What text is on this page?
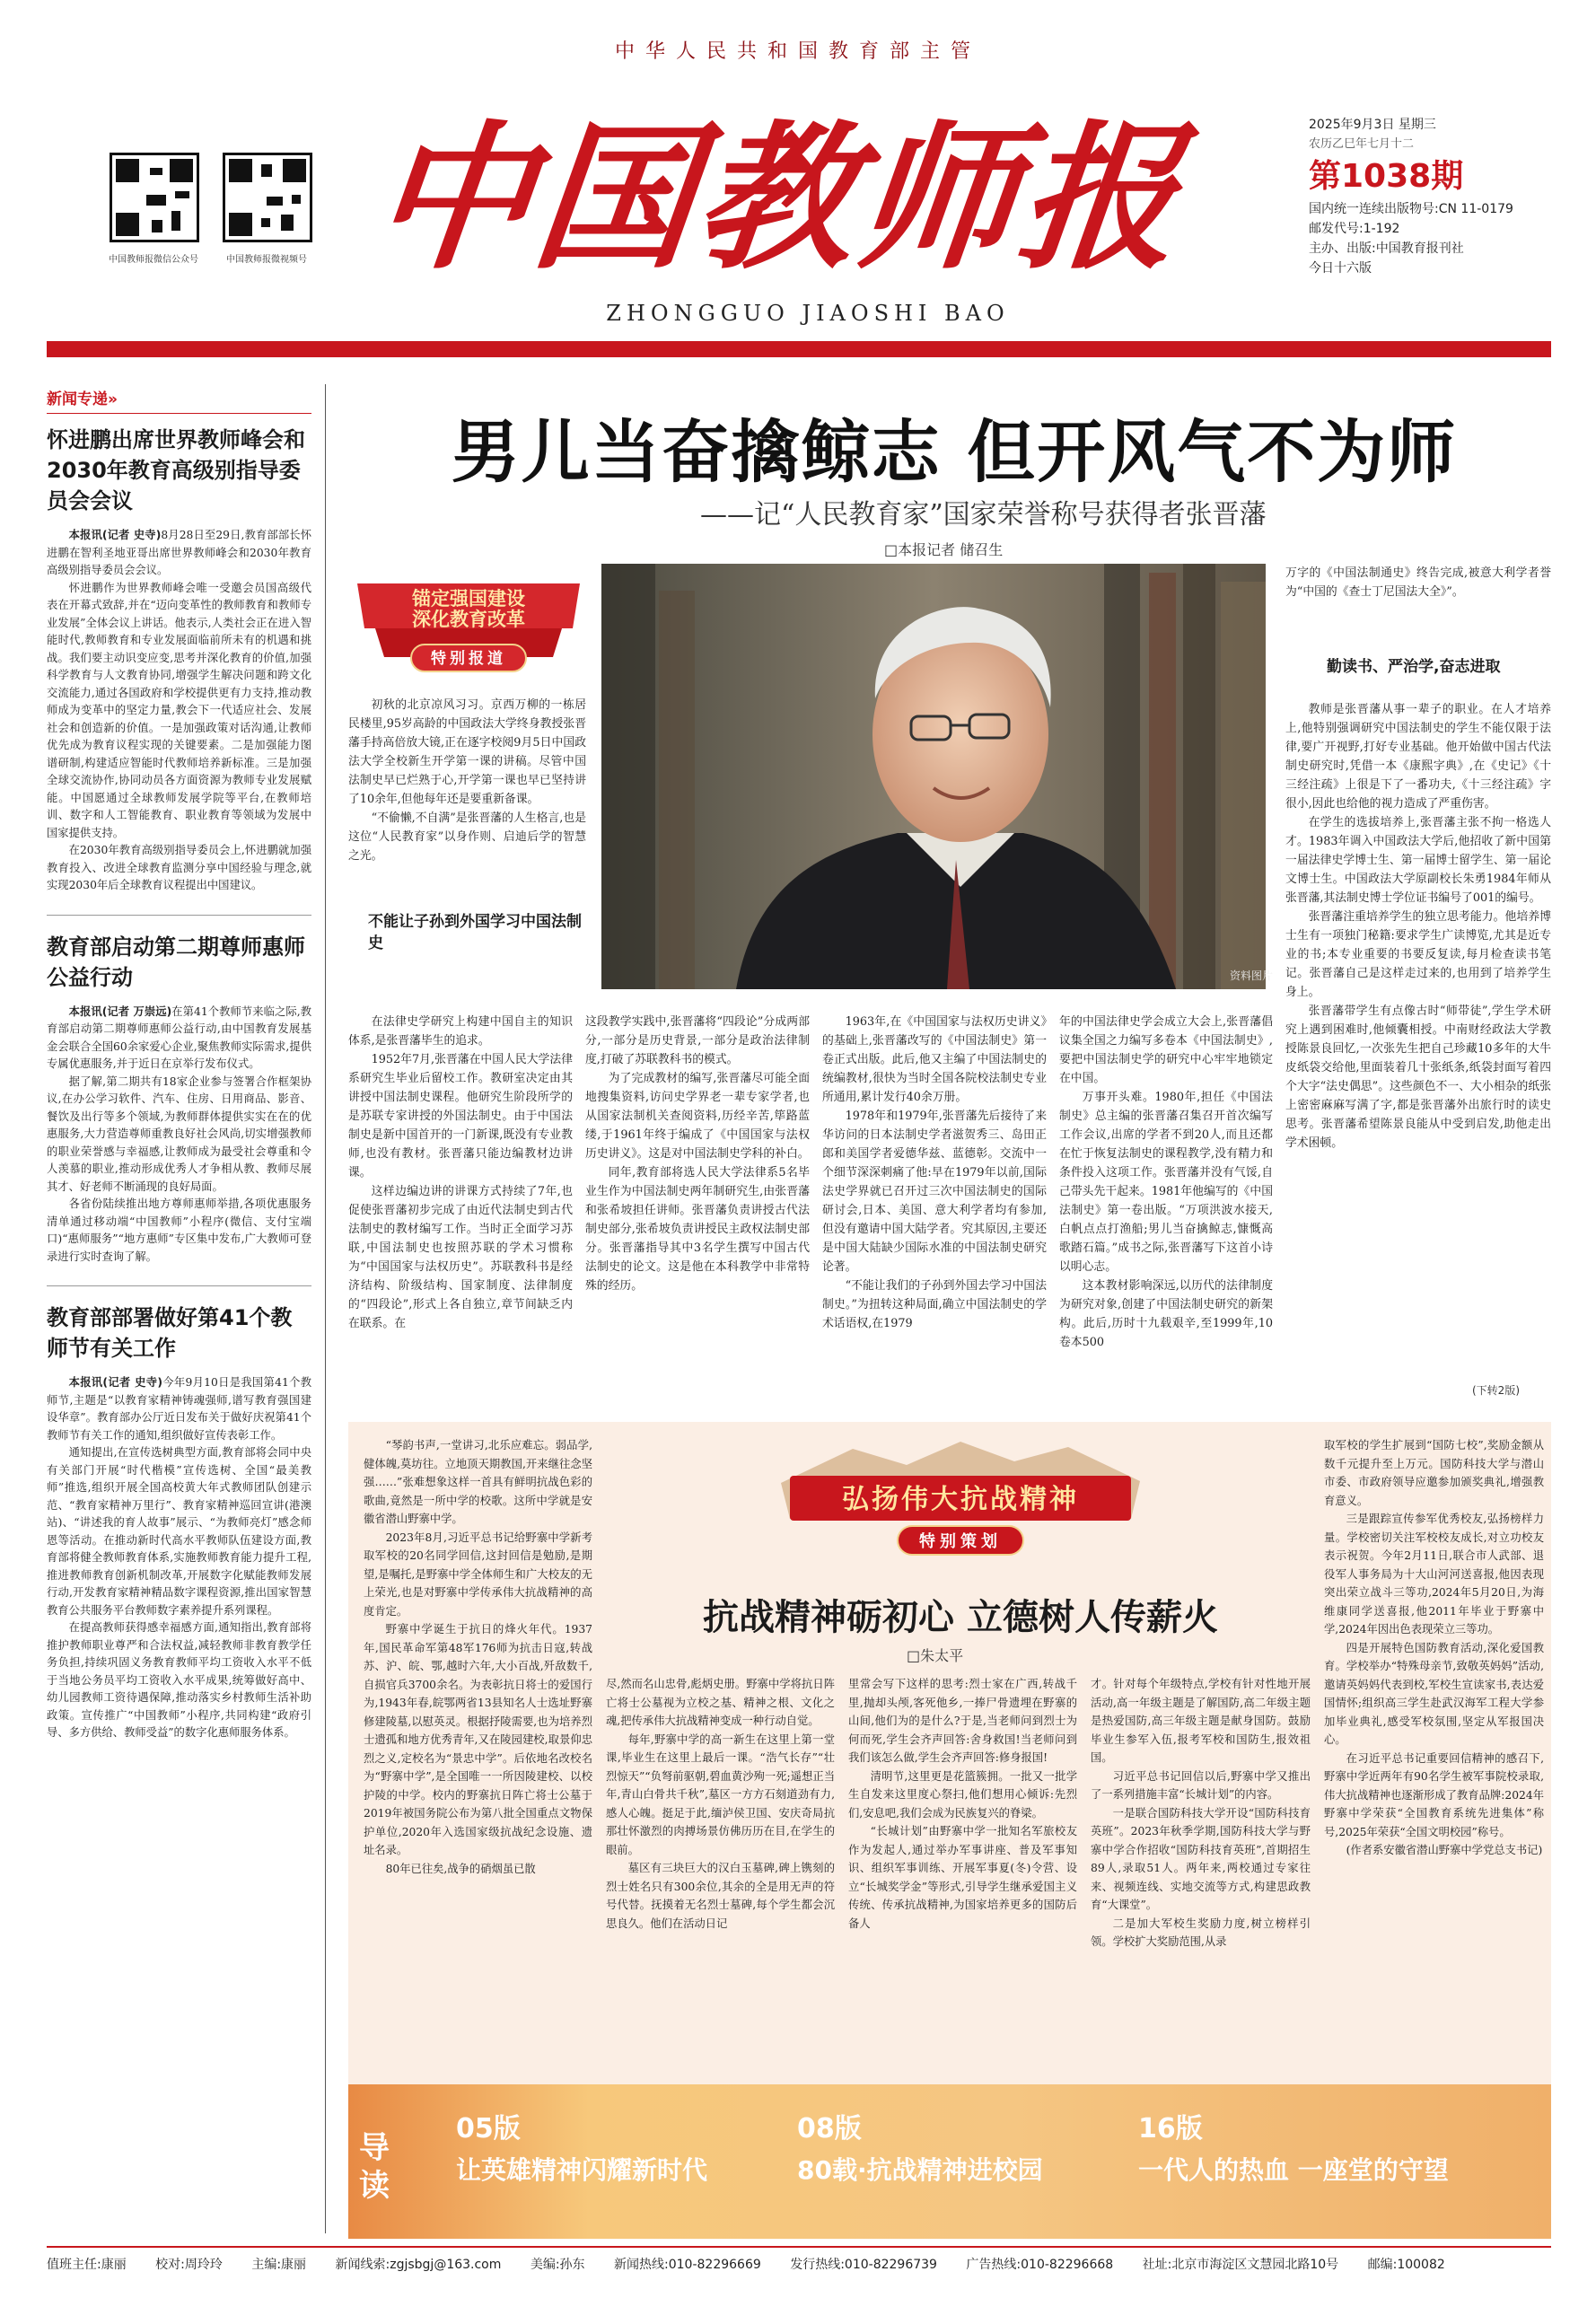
中华人民共和国教育部主管
中国教师报微信公众号	中国教师报微视频号 中国教师报
ZHONGGUO JIAOSHI BAO
2025年9月3日 星期三
农历乙巳年七月十二
第1038期
国内统一连续出版物号:CN 11-0179
邮发代号:1-192
主办、出版:中国教育报刊社
今日十六版
新闻专递»
怀进鹏出席世界教师峰会和2030年教育高级别指导委员会会议

本报讯(记者 史寺)8月28日至29日,教育部部长怀进鹏在智利圣地亚哥出席世界教师峰会和2030年教育高级别指导委员会会议。

怀进鹏作为世界教师峰会唯一受邀会员国高级代表在开幕式致辞,并在“迈向变革性的教师教育和教师专业发展”全体会议上讲话。他表示,人类社会正在进入智能时代,教师教育和专业发展面临前所未有的机遇和挑战。我们要主动识变应变,思考并深化教育的价值,加强科学教育与人文教育协同,增强学生解决问题和跨文化交流能力,通过各国政府和学校提供更有力支持,推动教师成为变革中的坚定力量,教会下一代适应社会、发展社会和创造新的价值。一是加强政策对话沟通,让教师优先成为教育议程实现的关键要素。二是加强能力图谱研制,构建适应智能时代教师培养新标准。三是加强全球交流协作,协同动员各方面资源为教师专业发展赋能。中国愿通过全球教师发展学院等平台,在教师培训、数字和人工智能教育、职业教育等领域为发展中国家提供支持。

在2030年教育高级别指导委员会上,怀进鹏就加强教育投入、改进全球教育监测分享中国经验与理念,就实现2030年后全球教育议程提出中国建议。

教育部启动第二期尊师惠师公益行动

本报讯(记者 万崇远)在第41个教师节来临之际,教育部启动第二期尊师惠师公益行动,由中国教育发展基金会联合全国60余家爱心企业,聚焦教师实际需求,提供专属优惠服务,并于近日在京举行发布仪式。

据了解,第二期共有18家企业参与签署合作框架协议,在办公学习软件、汽车、住房、日用商品、影音、餐饮及出行等多个领域,为教师群体提供实实在在的优惠服务,大力营造尊师重教良好社会风尚,切实增强教师的职业荣誉感与幸福感,让教师成为最受社会尊重和令人羡慕的职业,推动形成优秀人才争相从教、教师尽展其才、好老师不断涌现的良好局面。

各省份陆续推出地方尊师惠师举措,各项优惠服务清单通过移动端“中国教师”小程序(微信、支付宝端口)“惠师服务”“地方惠师”专区集中发布,广大教师可登录进行实时查询了解。

教育部部署做好第41个教师节有关工作

本报讯(记者 史寺)今年9月10日是我国第41个教师节,主题是“以教育家精神铸魂强师,谱写教育强国建设华章”。教育部办公厅近日发布关于做好庆祝第41个教师节有关工作的通知,组织做好宣传表彰工作。

通知提出,在宣传选树典型方面,教育部将会同中央有关部门开展“时代楷模”宣传选树、全国“最美教师”推选,组织开展全国高校黄大年式教师团队创建示范、“教育家精神万里行”、教育家精神巡回宣讲(港澳站)、“讲述我的育人故事”展示、“为教师亮灯”感念师恩等活动。在推动新时代高水平教师队伍建设方面,教育部将健全教师教育体系,实施教师教育能力提升工程,推进教师教育创新机制改革,开展数字化赋能教师发展行动,开发教育家精神精品数字课程资源,推出国家智慧教育公共服务平台教师数字素养提升系列课程。

在提高教师获得感幸福感方面,通知指出,教育部将推护教师职业尊严和合法权益,减轻教师非教育教学任务负担,持续巩固义务教育教师平均工资收入水平不低于当地公务员平均工资收入水平成果,统筹做好高中、幼儿园教师工资待遇保障,推动落实乡村教师生活补助政策。宣传推广“中国教师”小程序,共同构建“政府引导、多方供给、教师受益”的数字化惠师服务体系。

男儿当奋擒鲸志 但开风气不为师
——记“人民教育家”国家荣誉称号获得者张晋藩
□本报记者 储召生
锚定强国建设
深化教育改革
特别报道
资料图片

初秋的北京凉风习习。京西万柳的一栋居民楼里,95岁高龄的中国政法大学终身教授张晋藩手持高倍放大镜,正在逐字校阅9月5日中国政法大学全校新生开学第一课的讲稿。尽管中国法制史早已烂熟于心,开学第一课也早已坚持讲了10余年,但他每年还是要重新备课。

“不偷懒,不自满”是张晋藩的人生格言,也是这位“人民教育家”以身作则、启迪后学的智慧之光。

不能让子孙到外国学习中国法制史

万字的《中国法制通史》终告完成,被意大利学者誉为“中国的《查士丁尼国法大全》”。

勤读书、严治学,奋志进取

教师是张晋藩从事一辈子的职业。在人才培养上,他特别强调研究中国法制史的学生不能仅限于法律,要广开视野,打好专业基础。他开始做中国古代法制史研究时,凭借一本《康熙字典》,在《史记》《十三经注疏》上很是下了一番功夫,《十三经注疏》字很小,因此也给他的视力造成了严重伤害。

在学生的选拔培养上,张晋藩主张不拘一格选人才。1983年调入中国政法大学后,他招收了新中国第一届法律史学博士生、第一届博士留学生、第一届论文博士生。中国政法大学原副校长朱勇1984年师从张晋藩,其法制史博士学位证书编号了001的编号。

张晋藩注重培养学生的独立思考能力。他培养博士生有一项独门秘籍:要求学生广读博览,尤其是近专业的书;本专业重要的书要反复读,每月检查读书笔记。张晋藩自己是这样走过来的,也用到了培养学生身上。

张晋藩带学生有点像古时“师带徒”,学生学术研究上遇到困难时,他倾囊相授。中南财经政法大学教授陈景良回忆,一次张先生把自己珍藏10多年的大牛皮纸袋交给他,里面装着几十张纸条,纸袋封面写着四个大字“法史偶思”。这些颜色不一、大小相杂的纸张上密密麻麻写满了字,都是张晋藩外出旅行时的读史思考。张晋藩希望陈景良能从中受到启发,助他走出学术困顿。

(下转2版)

在法律史学研究上构建中国自主的知识体系,是张晋藩毕生的追求。

1952年7月,张晋藩在中国人民大学法律系研究生毕业后留校工作。教研室决定由其讲授中国法制史课程。他研究生阶段所学的是苏联专家讲授的外国法制史。由于中国法制史是新中国首开的一门新课,既没有专业教师,也没有教材。张晋藩只能边编教材边讲课。

这样边编边讲的讲课方式持续了7年,也促使张晋藩初步完成了由近代法制史到古代法制史的教材编写工作。当时正全面学习苏联,中国法制史也按照苏联的学术习惯称为“中国国家与法权历史”。苏联教科书是经济结构、阶级结构、国家制度、法律制度的“四段论”,形式上各自独立,章节间缺乏内在联系。在

这段教学实践中,张晋藩将“四段论”分成两部分,一部分是历史背景,一部分是政治法律制度,打破了苏联教科书的模式。

为了完成教材的编写,张晋藩尽可能全面地搜集资料,访问史学界老一辈专家学者,也从国家法制机关查阅资料,历经辛苦,筚路蓝缕,于1961年终于编成了《中国国家与法权历史讲义》。这是对中国法制史学科的补白。

同年,教育部将选人民大学法律系5名毕业生作为中国法制史两年制研究生,由张晋藩和张希坡担任讲师。张晋藩负责讲授古代法制史部分,张希坡负责讲授民主政权法制史部分。张晋藩指导其中3名学生撰写中国古代法制史的论文。这是他在本科教学中非常特殊的经历。

1963年,在《中国国家与法权历史讲义》的基础上,张晋藩改写的《中国法制史》第一卷正式出版。此后,他又主编了中国法制史的统编教材,很快为当时全国各院校法制史专业所通用,累计发行40余万册。

1978年和1979年,张晋藩先后接待了来华访问的日本法制史学者滋贺秀三、岛田正郎和美国学者爱德华兹、蓝德彰。交流中一个细节深深刺痛了他:早在1979年以前,国际法史学界就已召开过三次中国法制史的国际研讨会,日本、美国、意大利学者均有参加,但没有邀请中国大陆学者。究其原因,主要还是中国大陆缺少国际水准的中国法制史研究论著。

“不能让我们的子孙到外国去学习中国法制史。”为扭转这种局面,确立中国法制史的学术话语权,在1979

年的中国法律史学会成立大会上,张晋藩倡议集全国之力编写多卷本《中国法制史》,要把中国法制史学的研究中心牢牢地锁定在中国。

万事开头难。1980年,担任《中国法制史》总主编的张晋藩召集召开首次编写工作会议,出席的学者不到20人,而且还都在忙于恢复法制史的课程教学,没有精力和条件投入这项工作。张晋藩并没有气馁,自己带头先干起来。1981年他编写的《中国法制史》第一卷出版。“万项洪波水接天,白帆点点打渔船;男儿当奋擒鲸志,慷慨高歌踏石篇。”成书之际,张晋藩写下这首小诗以明心志。

这本教材影响深远,以历代的法律制度为研究对象,创建了中国法制史研究的新架构。此后,历时十九载艰辛,至1999年,10卷本500

弘扬伟大抗战精神
特别策划
抗战精神砺初心 立德树人传薪火
□朱太平

“琴韵书声,一堂讲习,北乐应难忘。弱品学,健体魄,莫坊往。立地顶天期教国,开来继往念坚强……”张难想象这样一首具有鲜明抗战色彩的歌曲,竟然是一所中学的校歌。这所中学就是安徽省潜山野寨中学。

2023年8月,习近平总书记给野寨中学新考取军校的20名同学回信,这封回信是勉励,是期望,是嘱托,是野寨中学全体师生和广大校友的无上荣光,也是对野寨中学传承伟大抗战精神的高度肯定。

野寨中学诞生于抗日的烽火年代。1937年,国民革命军第48军176师为抗击日寇,转战苏、沪、皖、鄂,越时六年,大小百战,歼敌数千,自损官兵3700余名。为表彰抗日将士的爱国行为,1943年春,皖鄂两省13县知名人士选址野寨修建陵墓,以慰英灵。根据抒陵需要,也为培养烈士遗孤和地方优秀青年,又在陵园建校,取景仰忠烈之义,定校名为“景忠中学”。后依地名改校名为“野寨中学”,是全国唯一一所因陵建校、以校护陵的中学。校内的野寨抗日阵亡将士公墓于2019年被国务院公布为第八批全国重点文物保护单位,2020年入选国家级抗战纪念设施、遗址名录。

80年已往矣,战争的硝烟虽已散

尽,然而名山忠骨,彪炳史册。野寨中学将抗日阵亡将士公墓视为立校之基、精神之根、文化之魂,把传承伟大抗战精神变成一种行动自觉。

每年,野寨中学的高一新生在这里上第一堂课,毕业生在这里上最后一课。“浩气长存”“壮烈惊天”“负弩前驱朝,碧血黄沙殉一死;遥想正当年,青山白骨共千秋”,墓区一方方石刻道劲有力,感人心魄。挺足于此,缅泸侯卫国、安庆奇局抗那壮怀激烈的肉搏场景仿佛历历在目,在学生的眼前。

墓区有三块巨大的汉白玉墓碑,碑上镌刻的烈士姓名只有300余位,其余的全是用无声的符号代替。抚摸着无名烈士墓碑,每个学生都会沉思良久。他们在活动日记

里常会写下这样的思考:烈士家在广西,转战千里,抛却头颅,客死他乡,一捧尸骨遗埋在野寨的山间,他们为的是什么?于是,当老师问到烈士为何而死,学生会齐声回答:舍身救国!当老师问到我们该怎么做,学生会齐声回答:修身报国!

清明节,这里更是花篮簇拥。一批又一批学生自发来这里度心祭扫,他们想用心倾诉:先烈们,安息吧,我们会成为民族复兴的脊梁。

“长城计划”由野寨中学一批知名军旅校友作为发起人,通过举办军事讲座、普及军事知识、组织军事训练、开展军事夏(冬)令营、设立“长城奖学金”等形式,引导学生继承爱国主义传统、传承抗战精神,为国家培养更多的国防后备人

才。针对每个年级特点,学校有针对性地开展活动,高一年级主题是了解国防,高二年级主题是热爱国防,高三年级主题是献身国防。鼓励毕业生参军入伍,报考军校和国防生,报效祖国。

习近平总书记回信以后,野寨中学又推出了一系列措施丰富“长城计划”的内容。

一是联合国防科技大学开设“国防科技育英班”。2023年秋季学期,国防科技大学与野寨中学合作招收“国防科技育英班”,首期招生89人,录取51人。两年来,两校通过专家往来、视频连线、实地交流等方式,构建思政教育“大课堂”。

二是加大军校生奖励力度,树立榜样引领。学校扩大奖励范围,从录

取军校的学生扩展到“国防七校”,奖励金额从数千元提升至上万元。国防科技大学与潜山市委、市政府领导应邀参加颁奖典礼,增强教育意义。

三是跟踪宣传参军优秀校友,弘扬榜样力量。学校密切关注军校校友成长,对立功校友表示祝贺。今年2月11日,联合市人武部、退役军人事务局为十大山河河送喜报,他因表现突出荣立战斗三等功,2024年5月20日,为海维康同学送喜报,他2011年毕业于野寨中学,2024年因出色表现荣立三等功。

四是开展特色国防教育活动,深化爱国教育。学校举办“特殊母亲节,致敬英妈妈”活动,邀请英妈妈代表到校,军校生宣读家书,表达爱国情怀;组织高三学生赴武汉海军工程大学参加毕业典礼,感受军校氛围,坚定从军报国决心。

在习近平总书记重要回信精神的感召下,野寨中学近两年有90名学生被军事院校录取,伟大抗战精神也逐渐形成了教育品牌:2024年野寨中学荣获“全国教育系统先进集体”称号,2025年荣获“全国文明校园”称号。

(作者系安徽省潜山野寨中学党总支书记)

导读
05版
让英雄精神闪耀新时代
08版
80载·抗战精神进校园
16版
一代人的热血 一座堂的守望
值班主任:康丽 校对:周玲玲 主编:康丽 新闻线索:zgjsbgj@163.com 美编:孙东 新闻热线:010-82296669 发行热线:010-82296739 广告热线:010-82296668 社址:北京市海淀区文慧园北路10号 邮编:100082
